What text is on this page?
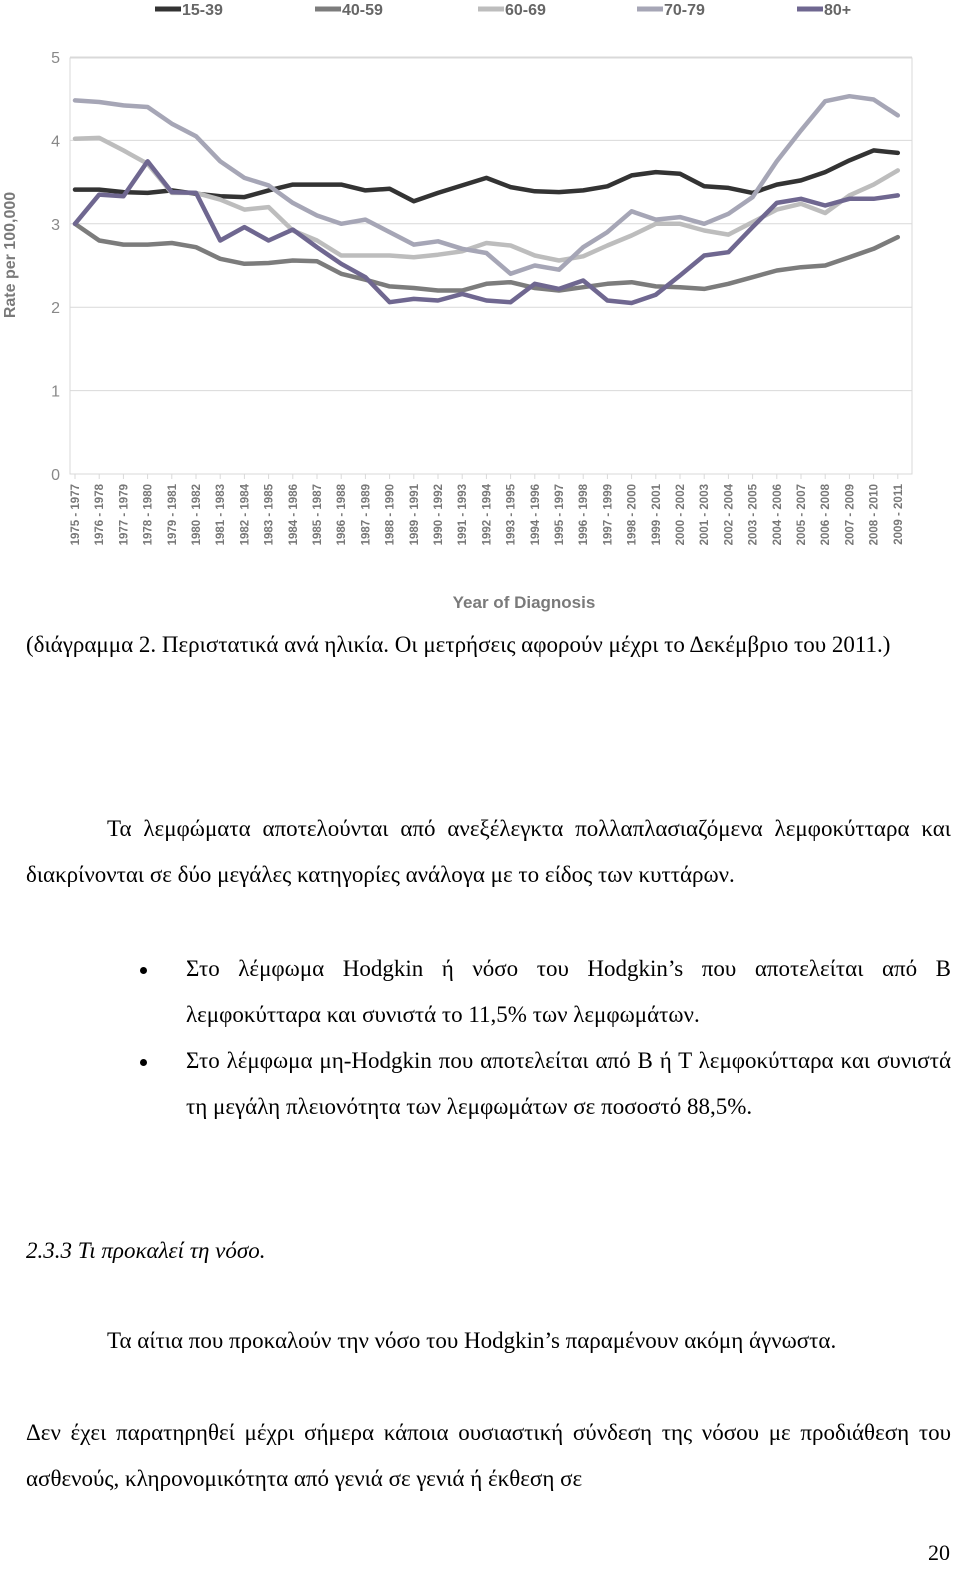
15-39	40-59	60-69	70-79	80+
0
1
2
3
4
5
1975 - 1977 1976 - 1978 1977 - 1979 1978 - 1980 1979 - 1981 1980 - 1982 1981 - 1983 1982 - 1984 1983 - 1985 1984 - 1986 1985 - 1987 1986 - 1988 1987 - 1989 1988 - 1990 1989 - 1991 1990 - 1992 1991 - 1993 1992 - 1994 1993 - 1995 1994 - 1996 1995 - 1997 1996 - 1998 1997 - 1999 1998 - 2000 1999 - 2001 2000 - 2002 2001 - 2003 2002 - 2004 2003 - 2005 2004 - 2006 2005 - 2007 2006 - 2008 2007 - 2009 2008 - 2010 2009 - 2011
Rate per 100,000
Year of Diagnosis
(διάγραμμα 2. Περιστατικά ανά ηλικία. Οι μετρήσεις αφορούν μέχρι το Δεκέμβριο του 2011.)
Τα λεμφώματα αποτελούνται από ανεξέλεγκτα πολλαπλασιαζόμενα λεμφοκύτταρα και διακρίνονται σε δύο μεγάλες κατηγορίες ανάλογα με το είδος των κυττάρων.
Στο λέμφωμα Hodgkin ή νόσο του Hodgkin’s που αποτελείται από Β λεμφοκύτταρα και συνιστά το 11,5% των λεμφωμάτων.
Στο λέμφωμα μη-Hodgkin που αποτελείται από Β ή Τ λεμφοκύτταρα και συνιστά τη μεγάλη πλειονότητα των λεμφωμάτων σε ποσοστό 88,5%.
2.3.3 Τι προκαλεί τη νόσο.
Τα αίτια που προκαλούν την νόσο του Hodgkin’s παραμένουν ακόμη άγνωστα.
Δεν έχει παρατηρηθεί μέχρι σήμερα κάποια ουσιαστική σύνδεση της νόσου με προδιάθεση του ασθενούς, κληρονομικότητα από γενιά σε γενιά ή έκθεση σε
20
